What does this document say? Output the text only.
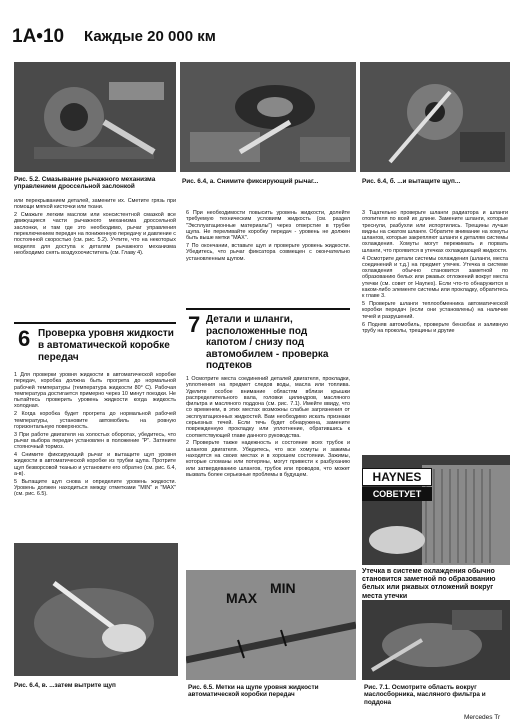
1A•10 Каждые 20 000 км
Рис. 5.2. Смазывание рычажного механизма управлением дроссельной заслонкой
Рис. 6.4, а. Снимите фиксирующий рычаг...	Рис. 6.4, б. ...и вытащите щуп...

или перекрыванием деталей, замените их. Сметите грязь при помощи мягкой кисточки или ткани.

2 Смажьте легким маслом или консистентной смазкой все движущиеся части рычажного механизма дроссельной заслонки, и там где это необходимо, рычаг управления переключением передач на пониженную передачу и давление с постоянной скоростью (см. рис. 5.2). Учтите, что на некоторых моделях для доступа к деталям рычажного механизма необходимо снять воздухоочиститель (см. Главу 4).

6 Проверка уровня жидкости в автоматической коробке передач

1 Для проверки уровня жидкости в автоматической коробке передач, коробка должна быть прогрета до нормальной рабочей температуры (температура жидкости 80° С). Рабочая температура достигается примерно через 10 минут поездки. Не пытайтесь проверить уровень жидкости когда жидкость холодная.

2 Когда коробка будет прогрета до нормальной рабочей температуры, установите автомобиль на ровную горизонтальную поверхность.

3 При работе двигателя на холостых оборотах, убедитесь, что рычаг выбора передач установлен в положение "P". Затяните стояночный тормоз.

4 Снимите фиксирующий рычаг и вытащите щуп уровня жидкости в автоматической коробке из трубки щупа. Протрите щуп безворсовой тканью и установите его обратно (см. рис. 6.4, а-в).

5 Вытащите щуп снова и определите уровень жидкости. Уровень должен находиться между отметками "MIN" и "MAX" (см. рис. 6.5).

6 При необходимости повысить уровень жидкости, долейте требуемую техническим условиям жидкость (см. раздел "Эксплуатационные материалы") через отверстие в трубке щупа. Не переливайте коробку передач - уровень не должен быть выше метки "MAX".

7 По окончании, вставьте щуп и проверьте уровень жидкости. Убедитесь, что рычаг фиксатора совмещен с окончательно установленным щупом.

7 Детали и шланги, расположенные под капотом / снизу под автомобилем - проверка подтеков

1 Осмотрите места соединений деталей двигателя, прокладки, уплотнения на предмет следов воды, масла или топлива. Уделите особое внимание областям вблизи крышки распределительного вала, головки цилиндров, масляного фильтра и масляного поддона (см. рис. 7.1). Имейте ввиду, что со временем, в этих местах возможны слабые загрязнения от эксплуатационных жидкостей. Вам необходимо искать признаки серьезных течей. Если течь будет обнаружена, замените поврежденную прокладку или уплотнение, обратившись к соответствующей главе данного руководства.

2 Проверьте также надежность и состояние всех трубок и шлангов двигателя. Убедитесь, что все хомуты и зажимы находятся на своих местах и в хорошем состоянии. Зажимы, которые сломаны или потеряны, могут привести к разбуханию или затвердеванию шлангов, трубок или проводов, что может вызвать более серьезные проблемы в будущем.

3 Тщательно проверьте шланги радиатора и шланги отопителя по всей их длине. Замените шланги, которые треснули, разбухли или испортились. Трещины лучше видны на сжатом шланге. Обратите внимание на хомуты шлангов, которые закрепляют шланги к деталям системы охлаждения. Хомуты могут пережимать и порвать шланги, что проявится в утечках охлаждающей жидкости.

4 Осмотрите детали системы охлаждения (шланги, места соединений и т.д.) на предмет утечек. Утечка в системе охлаждения обычно становится заметной по образованию белых или ржавых отложений вокруг места утечки (см. совет от Haynes). Если что-то обнаружится в каком-либо элементе системы или прокладку, обратитесь к главе 3.

5 Проверьте шланги теплообменника автоматической коробки передач (если они установлены) на наличие течей и разрушений.

6 Подняв автомобиль, проверьте бензобак и заливную трубу на проколы, трещины и другие

HAYNES
СОВЕТУЕТ
Утечка в системе охлаждения обычно становится заметной по образованию белых или ржавых отложений вокруг места утечки
MAX
MIN
Рис. 6.4, в. ...затем вытрите щуп	Рис. 6.5. Метки на щупе уровня жидкости автоматической коробки передач
Рис. 7.1. Осмотрите область вокруг маслосборника, масляного фильтра и поддона
Mercedes Tr
